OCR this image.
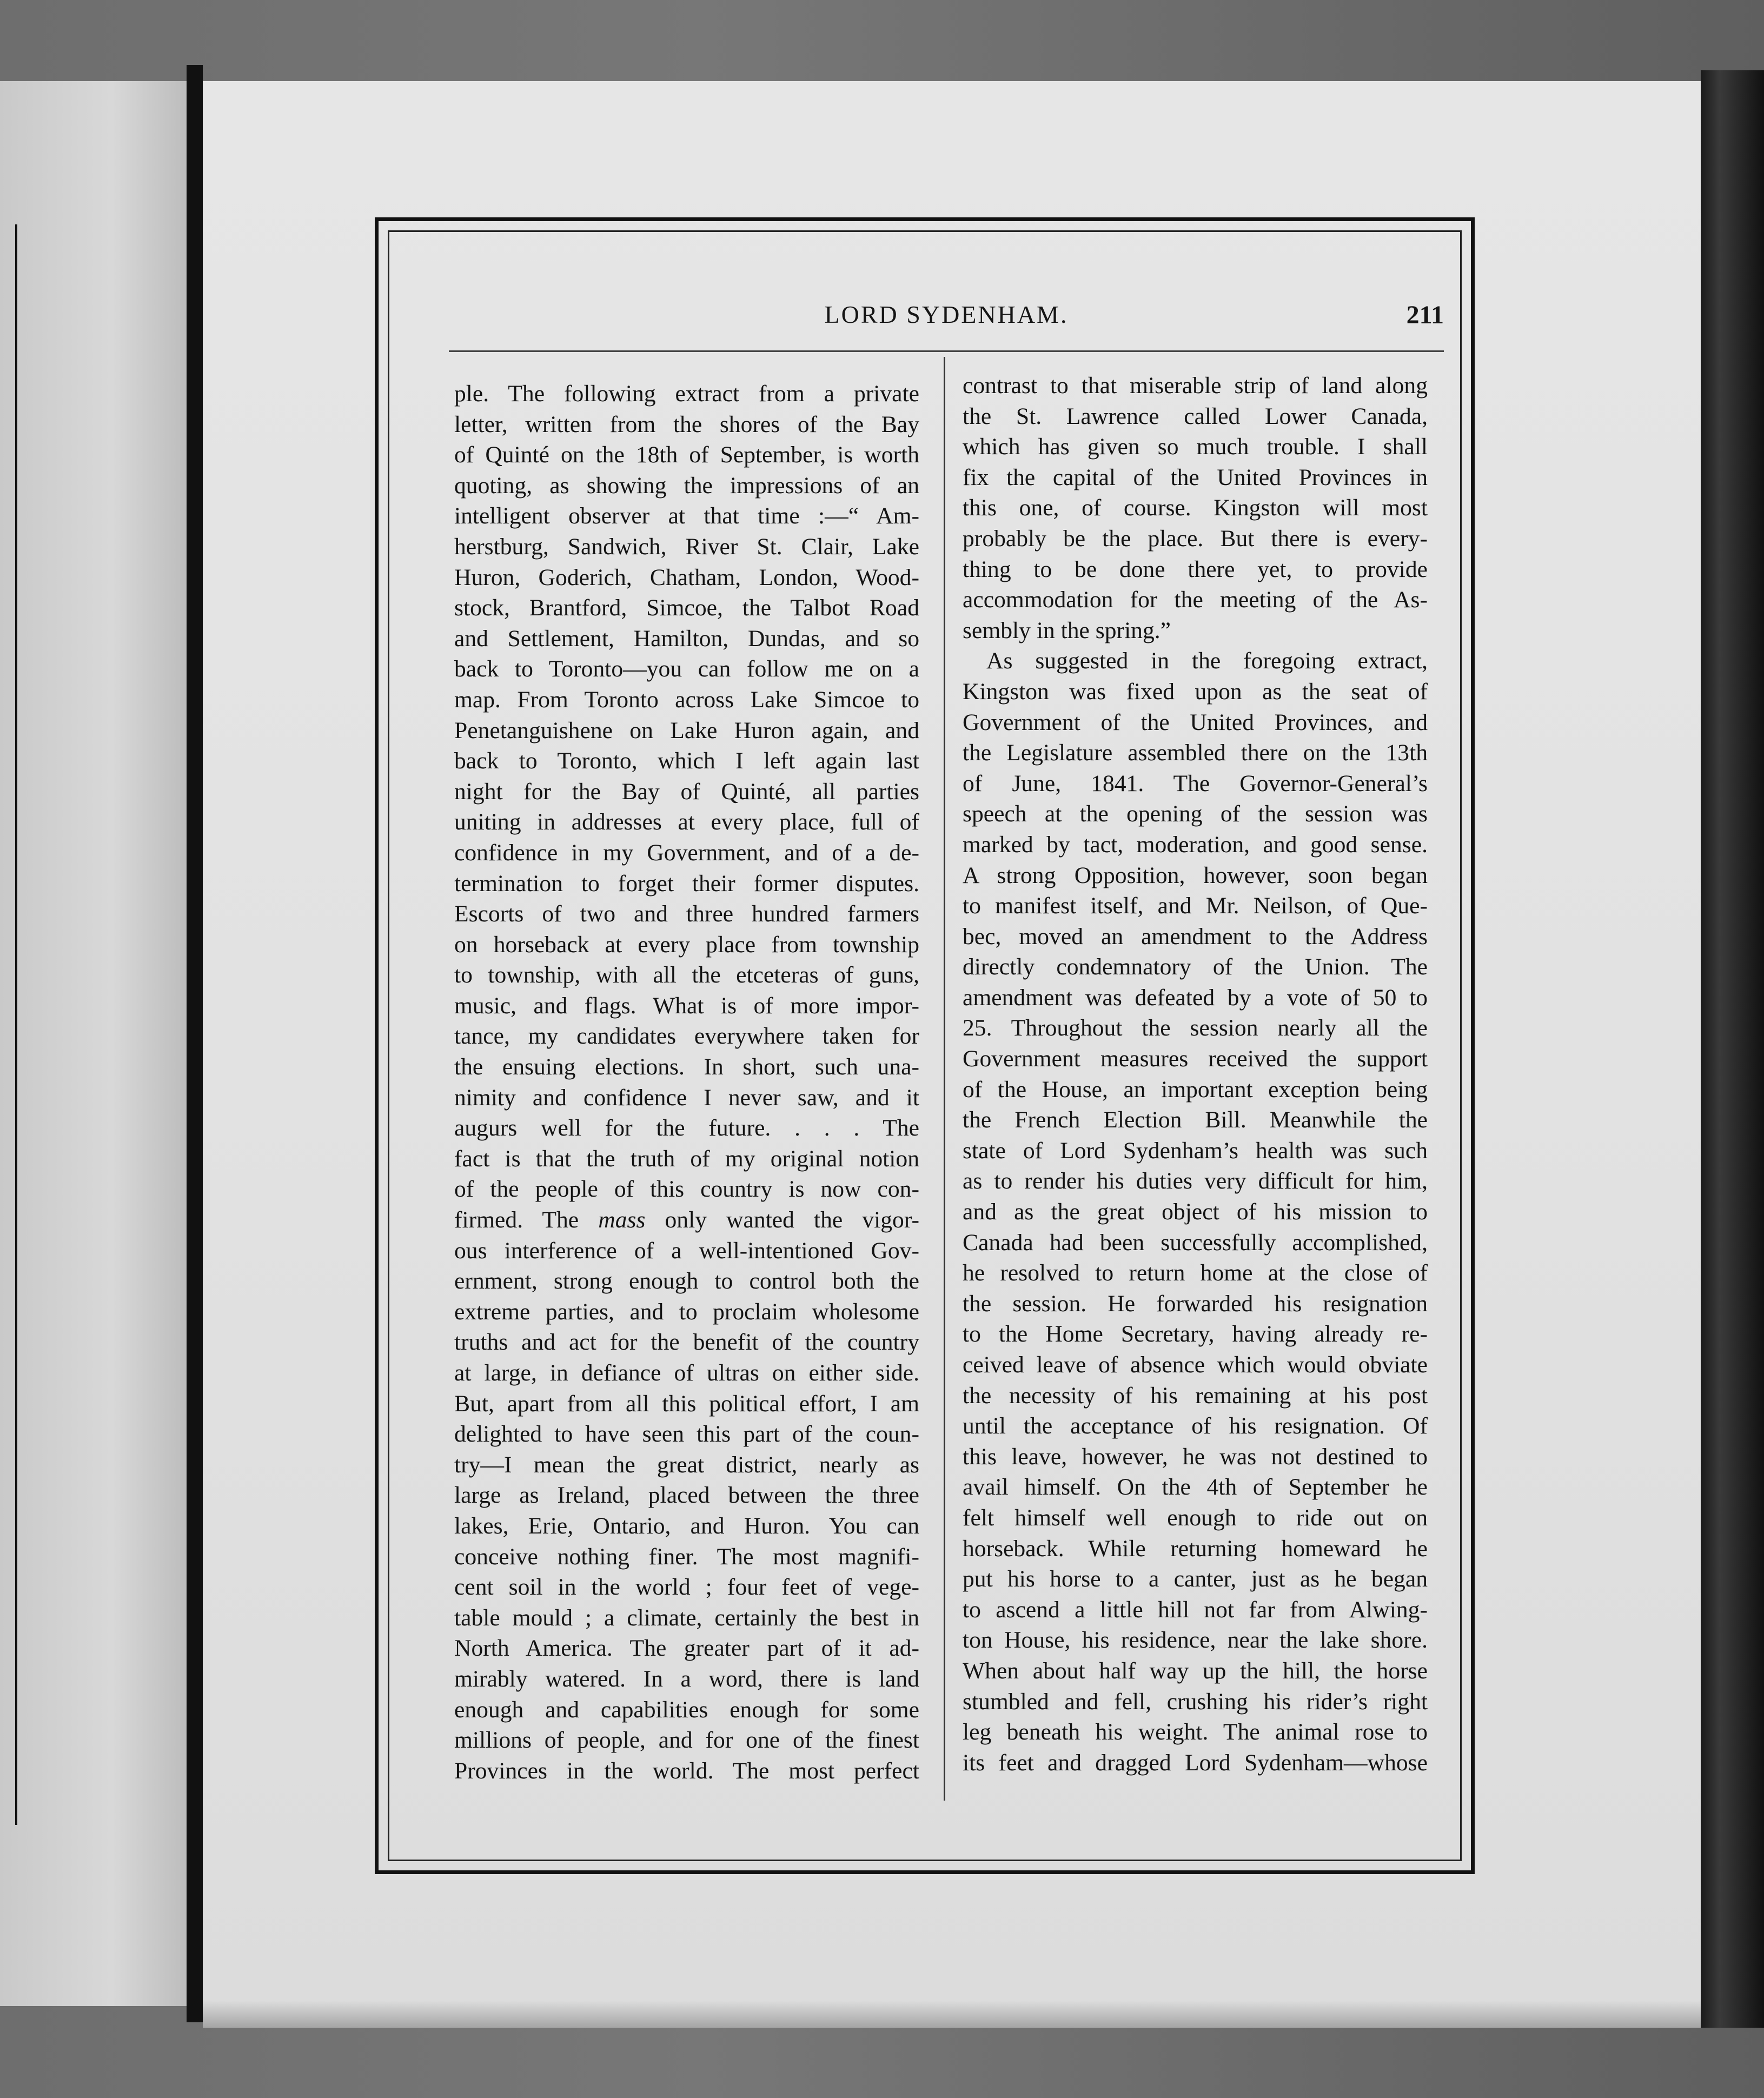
LORD SYDENHAM.	211
ple. The following extract from a private
letter, written from the shores of the Bay
of Quinté on the 18th of September, is worth
quoting, as showing the impressions of an
intelligent observer at that time :—“ Am-
herstburg, Sandwich, River St. Clair, Lake
Huron, Goderich, Chatham, London, Wood-
stock, Brantford, Simcoe, the Talbot Road
and Settlement, Hamilton, Dundas, and so
back to Toronto—you can follow me on a
map. From Toronto across Lake Simcoe to
Penetanguishene on Lake Huron again, and
back to Toronto, which I left again last
night for the Bay of Quinté, all parties
uniting in addresses at every place, full of
confidence in my Government, and of a de-
termination to forget their former disputes.
Escorts of two and three hundred farmers
on horseback at every place from township
to township, with all the etceteras of guns,
music, and flags. What is of more impor-
tance, my candidates everywhere taken for
the ensuing elections. In short, such una-
nimity and confidence I never saw, and it
augurs well for the future. . . . The
fact is that the truth of my original notion
of the people of this country is now con-
firmed. The mass only wanted the vigor-
ous interference of a well-intentioned Gov-
ernment, strong enough to control both the
extreme parties, and to proclaim wholesome
truths and act for the benefit of the country
at large, in defiance of ultras on either side.
But, apart from all this political effort, I am
delighted to have seen this part of the coun-
try—I mean the great district, nearly as
large as Ireland, placed between the three
lakes, Erie, Ontario, and Huron. You can
conceive nothing finer. The most magnifi-
cent soil in the world ; four feet of vege-
table mould ; a climate, certainly the best in
North America. The greater part of it ad-
mirably watered. In a word, there is land
enough and capabilities enough for some
millions of people, and for one of the finest
Provinces in the world. The most perfect
contrast to that miserable strip of land along
the St. Lawrence called Lower Canada,
which has given so much trouble. I shall
fix the capital of the United Provinces in
this one, of course. Kingston will most
probably be the place. But there is every-
thing to be done there yet, to provide
accommodation for the meeting of the As-
sembly in the spring.”
As suggested in the foregoing extract,
Kingston was fixed upon as the seat of
Government of the United Provinces, and
the Legislature assembled there on the 13th
of June, 1841. The Governor-General’s
speech at the opening of the session was
marked by tact, moderation, and good sense.
A strong Opposition, however, soon began
to manifest itself, and Mr. Neilson, of Que-
bec, moved an amendment to the Address
directly condemnatory of the Union. The
amendment was defeated by a vote of 50 to
25. Throughout the session nearly all the
Government measures received the support
of the House, an important exception being
the French Election Bill. Meanwhile the
state of Lord Sydenham’s health was such
as to render his duties very difficult for him,
and as the great object of his mission to
Canada had been successfully accomplished,
he resolved to return home at the close of
the session. He forwarded his resignation
to the Home Secretary, having already re-
ceived leave of absence which would obviate
the necessity of his remaining at his post
until the acceptance of his resignation. Of
this leave, however, he was not destined to
avail himself. On the 4th of September he
felt himself well enough to ride out on
horseback. While returning homeward he
put his horse to a canter, just as he began
to ascend a little hill not far from Alwing-
ton House, his residence, near the lake shore.
When about half way up the hill, the horse
stumbled and fell, crushing his rider’s right
leg beneath his weight. The animal rose to
its feet and dragged Lord Sydenham—whose
